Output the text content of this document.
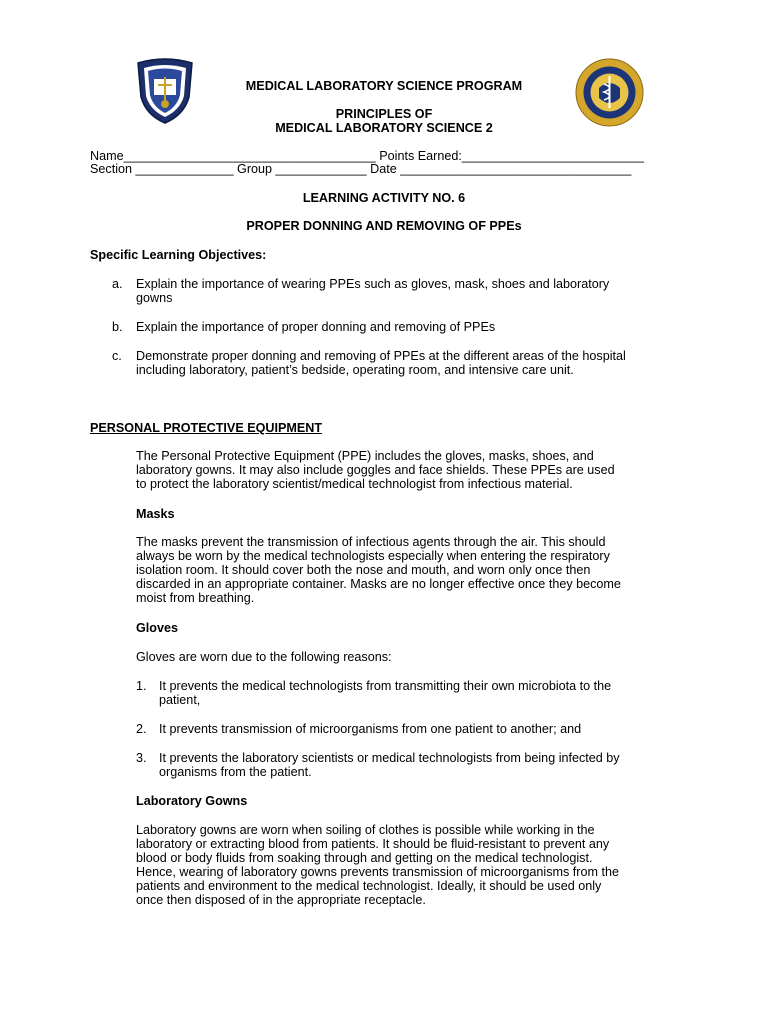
MEDICAL LABORATORY SCIENCE PROGRAM
PRINCIPLES OF
MEDICAL LABORATORY SCIENCE 2
Name____________________________________ Points Earned:__________________________
Section ______________ Group _____________ Date _________________________________
LEARNING ACTIVITY NO. 6
PROPER DONNING AND REMOVING OF PPEs
Specific Learning Objectives:
a. Explain the importance of wearing PPEs such as gloves, mask, shoes and laboratory
gowns
b. Explain the importance of proper donning and removing of PPEs
c. Demonstrate proper donning and removing of PPEs at the different areas of the hospital
including laboratory, patient’s bedside, operating room, and intensive care unit.
PERSONAL PROTECTIVE EQUIPMENT
The Personal Protective Equipment (PPE) includes the gloves, masks, shoes, and
laboratory gowns. It may also include goggles and face shields. These PPEs are used
to protect the laboratory scientist/medical technologist from infectious material.
Masks
The masks prevent the transmission of infectious agents through the air. This should
always be worn by the medical technologists especially when entering the respiratory
isolation room. It should cover both the nose and mouth, and worn only once then
discarded in an appropriate container. Masks are no longer effective once they become
moist from breathing.
Gloves
Gloves are worn due to the following reasons:
1. It prevents the medical technologists from transmitting their own microbiota to the
patient,
2. It prevents transmission of microorganisms from one patient to another; and
3. It prevents the laboratory scientists or medical technologists from being infected by
organisms from the patient.
Laboratory Gowns
Laboratory gowns are worn when soiling of clothes is possible while working in the
laboratory or extracting blood from patients. It should be fluid-resistant to prevent any
blood or body fluids from soaking through and getting on the medical technologist.
Hence, wearing of laboratory gowns prevents transmission of microorganisms from the
patients and environment to the medical technologist. Ideally, it should be used only
once then disposed of in the appropriate receptacle.
